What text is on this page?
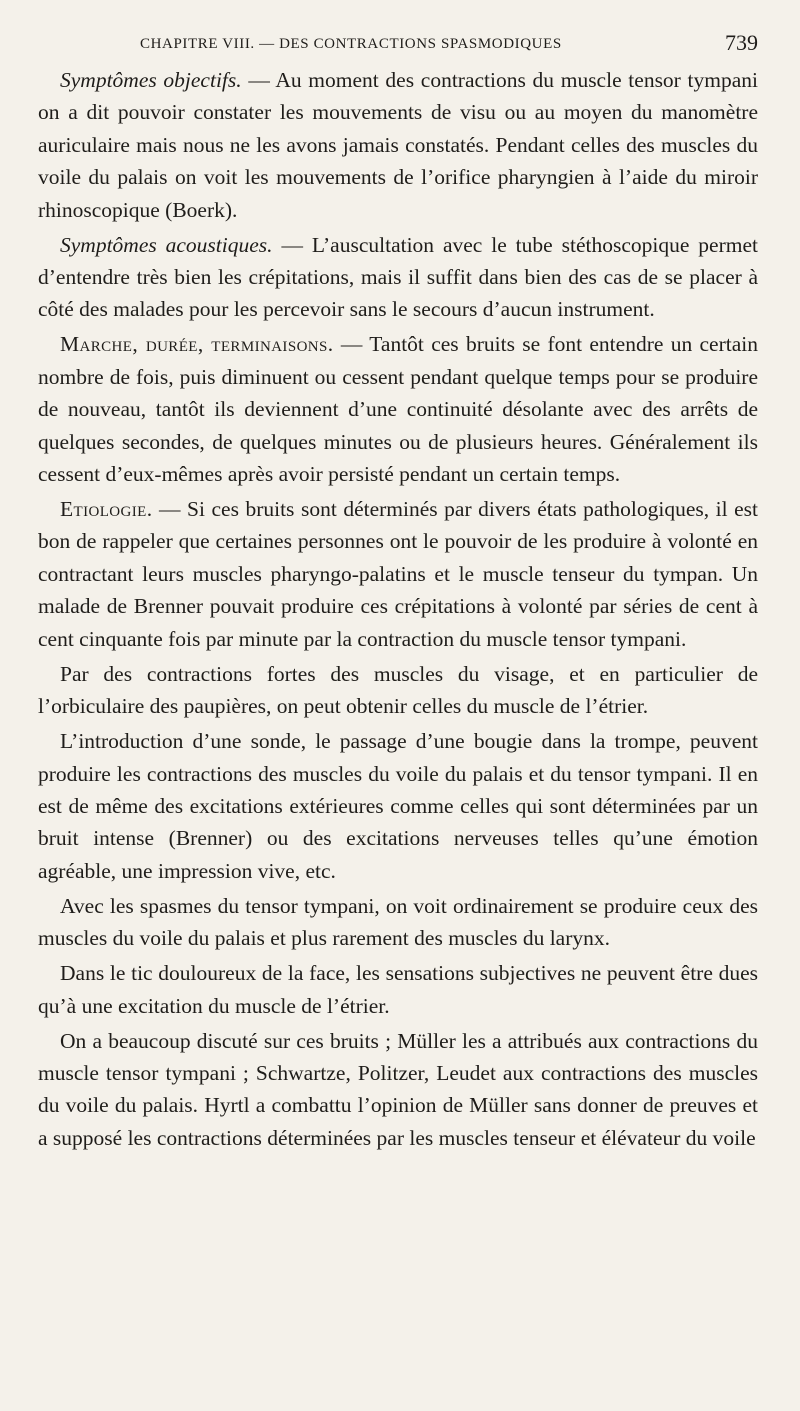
CHAPITRE VIII. — DES CONTRACTIONS SPASMODIQUES	739

Symptômes objectifs. — Au moment des contractions du muscle tensor tympani on a dit pouvoir constater les mouvements de visu ou au moyen du manomètre auriculaire mais nous ne les avons jamais constatés. Pendant celles des muscles du voile du palais on voit les mouvements de l’orifice pharyngien à l’aide du miroir rhinoscopique (Boerk).

Symptômes acoustiques. — L’auscultation avec le tube stéthoscopique permet d’entendre très bien les crépitations, mais il suffit dans bien des cas de se placer à côté des malades pour les percevoir sans le secours d’aucun instrument.

Marche, durée, terminaisons. — Tantôt ces bruits se font entendre un certain nombre de fois, puis diminuent ou cessent pendant quelque temps pour se produire de nouveau, tantôt ils deviennent d’une continuité désolante avec des arrêts de quelques secondes, de quelques minutes ou de plusieurs heures. Généralement ils cessent d’eux-mêmes après avoir persisté pendant un certain temps.

Etiologie. — Si ces bruits sont déterminés par divers états pathologiques, il est bon de rappeler que certaines personnes ont le pouvoir de les produire à volonté en contractant leurs muscles pharyngo-palatins et le muscle tenseur du tympan. Un malade de Brenner pouvait produire ces crépitations à volonté par séries de cent à cent cinquante fois par minute par la contraction du muscle tensor tympani.

Par des contractions fortes des muscles du visage, et en particulier de l’orbiculaire des paupières, on peut obtenir celles du muscle de l’étrier.

L’introduction d’une sonde, le passage d’une bougie dans la trompe, peuvent produire les contractions des muscles du voile du palais et du tensor tympani. Il en est de même des excitations extérieures comme celles qui sont déterminées par un bruit intense (Brenner) ou des excitations nerveuses telles qu’une émotion agréable, une impression vive, etc.

Avec les spasmes du tensor tympani, on voit ordinairement se produire ceux des muscles du voile du palais et plus rarement des muscles du larynx.

Dans le tic douloureux de la face, les sensations subjectives ne peuvent être dues qu’à une excitation du muscle de l’étrier.

On a beaucoup discuté sur ces bruits ; Müller les a attribués aux contractions du muscle tensor tympani ; Schwartze, Politzer, Leudet aux contractions des muscles du voile du palais. Hyrtl a combattu l’opinion de Müller sans donner de preuves et a supposé les contractions déterminées par les muscles tenseur et élévateur du voile
